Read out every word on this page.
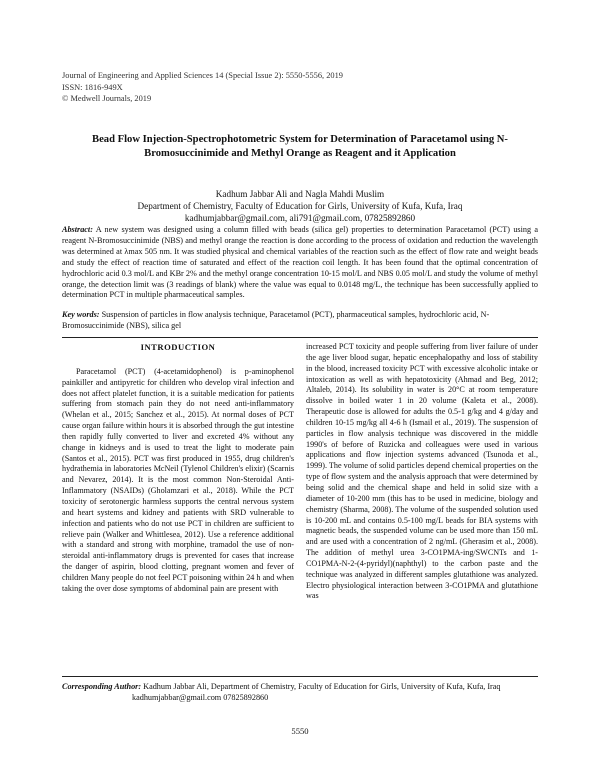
Journal of Engineering and Applied Sciences 14 (Special Issue 2): 5550-5556, 2019
ISSN: 1816-949X
© Medwell Journals, 2019
Bead Flow Injection-Spectrophotometric System for Determination of Paracetamol using N-Bromosuccinimide and Methyl Orange as Reagent and it Application
Kadhum Jabbar Ali and Nagla Mahdi Muslim
Department of Chemistry, Faculty of Education for Girls, University of Kufa, Kufa, Iraq
kadhumjabbar@gmail.com, ali791@gmail.com, 07825892860
Abstract: A new system was designed using a column filled with beads (silica gel) properties to determination Paracetamol (PCT) using a reagent N-Bromosuccinimide (NBS) and methyl orange the reaction is done according to the process of oxidation and reduction the wavelength was determined at λmax 505 nm. It was studied physical and chemical variables of the reaction such as the effect of flow rate and weight beads and study the effect of reaction time of saturated and effect of the reaction coil length. It has been found that the optimal concentration of hydrochloric acid 0.3 mol/L and KBr 2% and the methyl orange concentration 10-15 mol/L and NBS 0.05 mol/L and study the volume of methyl orange, the detection limit was (3 readings of blank) where the value was equal to 0.0148 mg/L, the technique has been successfully applied to determination PCT in multiple pharmaceutical samples.
Key words: Suspension of particles in flow analysis technique, Paracetamol (PCT), pharmaceutical samples, hydrochloric acid, N-Bromosuccinimide (NBS), silica gel
INTRODUCTION

Paracetamol (PCT) (4-acetamidophenol) is p-aminophenol painkiller and antipyretic for children who develop viral infection and does not affect platelet function, it is a suitable medication for patients suffering from stomach pain they do not need anti-inflammatory (Whelan et al., 2015; Sanchez et al., 2015). At normal doses of PCT cause organ failure within hours it is absorbed through the gut intestine then rapidly fully converted to liver and excreted 4% without any change in kidneys and is used to treat the light to moderate pain (Santos et al., 2015). PCT was first produced in 1955, drug children's hydrathemia in laboratories McNeil (Tylenol Children's elixir) (Scarnis and Nevarez, 2014). It is the most common Non-Steroidal Anti-Inflammatory (NSAIDs) (Gholamzari et al., 2018). While the PCT toxicity of serotonergic harmless supports the central nervous system and heart systems and kidney and patients with SRD vulnerable to infection and patients who do not use PCT in children are sufficient to relieve pain (Walker and Whittlesea, 2012). Use a reference additional with a standard and strong with morphine, tramadol the use of non-steroidal anti-inflammatory drugs is prevented for cases that increase the danger of aspirin, blood clotting, pregnant women and fever of children Many people do not feel PCT poisoning within 24 h and when taking the over dose symptoms of abdominal pain are present with

increased PCT toxicity and people suffering from liver failure of under the age liver blood sugar, hepatic encephalopathy and loss of stability in the blood, increased toxicity PCT with excessive alcoholic intake or intoxication as well as with hepatotoxicity (Ahmad and Beg, 2012; Altaleb, 2014). Its solubility in water is 20°C at room temperature dissolve in boiled water 1 in 20 volume (Kaleta et al., 2008). Therapeutic dose is allowed for adults the 0.5-1 g/kg and 4 g/day and children 10-15 mg/kg all 4-6 h (Ismail et al., 2019). The suspension of particles in flow analysis technique was discovered in the middle 1990's of before of Ruzicka and colleagues were used in various applications and flow injection systems advanced (Tsunoda et al., 1999). The volume of solid particles depend chemical properties on the type of flow system and the analysis approach that were determined by being solid and the chemical shape and held in solid size with a diameter of 10-200 mm (this has to be used in medicine, biology and chemistry (Sharma, 2008). The volume of the suspended solution used is 10-200 mL and contains 0.5-100 mg/L beads for BIA systems with magnetic beads, the suspended volume can be used more than 150 mL and are used with a concentration of 2 ng/mL (Gherasim et al., 2008). The addition of methyl urea 3-CO1PMA-ing/SWCNTs and 1-CO1PMA-N-2-(4-pyridyl)(naphthyl) to the carbon paste and the technique was analyzed in different samples glutathione was analyzed. Electro physiological interaction between 3-CO1PMA and glutathione was

Corresponding Author: Kadhum Jabbar Ali, Department of Chemistry, Faculty of Education for Girls, University of Kufa, Kufa, Iraq
kadhumjabbar@gmail.com 07825892860
5550
